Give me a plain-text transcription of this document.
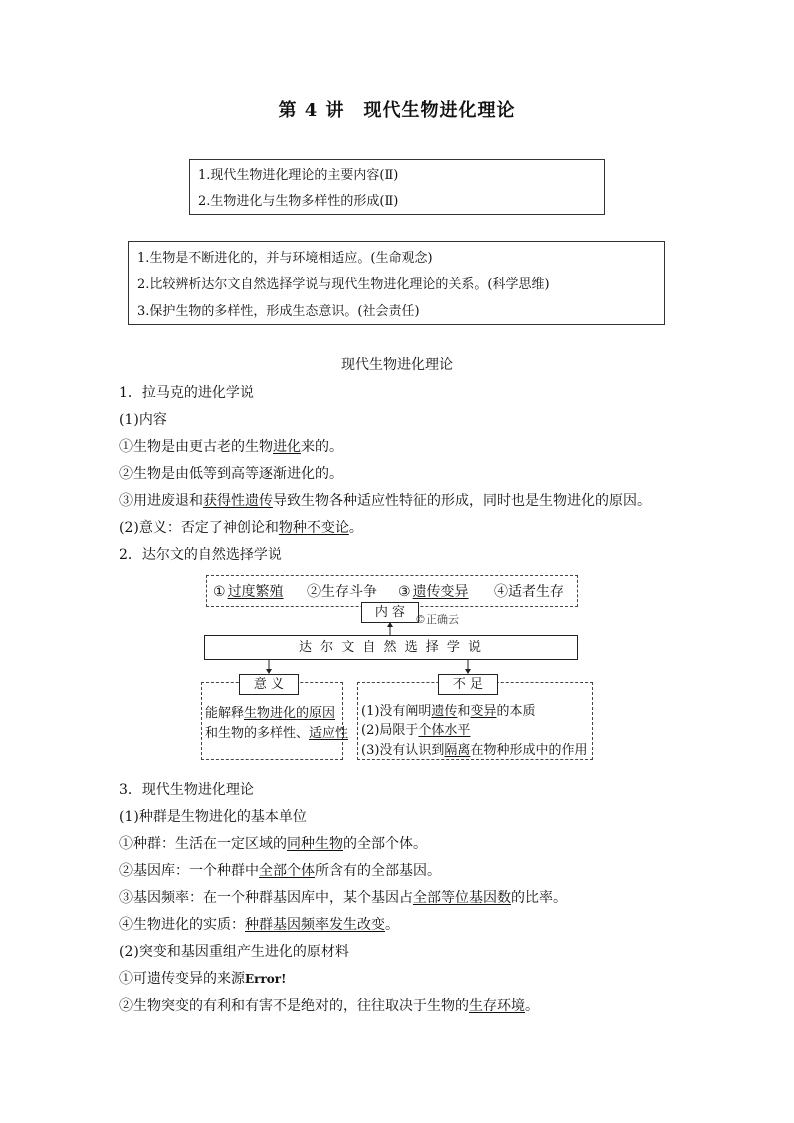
第 4 讲　现代生物进化理论
1.现代生物进化理论的主要内容(Ⅱ)
2.生物进化与生物多样性的形成(Ⅱ)
1.生物是不断进化的，并与环境相适应。(生命观念)
2.比较辨析达尔文自然选择学说与现代生物进化理论的关系。(科学思维)
3.保护生物的多样性，形成生态意识。(社会责任)
现代生物进化理论
1．拉马克的进化学说
(1)内容
①生物是由更古老的生物进化来的。
②生物是由低等到高等逐渐进化的。
③用进废退和获得性遗传导致生物各种适应性特征的形成，同时也是生物进化的原因。
(2)意义：否定了神创论和物种不变论。
2．达尔文的自然选择学说
① 过度繁殖 ②生存斗争 ③ 遗传变异 ④适者生存
内 容 ©正确云
达 尔 文 自 然 选 择 学 说
意 义
能解释生物进化的原因
和生物的多样性、适应性
不 足
(1)没有阐明遗传和变异的本质
(2)局限于个体水平
(3)没有认识到隔离在物种形成中的作用
3．现代生物进化理论
(1)种群是生物进化的基本单位
①种群：生活在一定区域的同种生物的全部个体。
②基因库：一个种群中全部个体所含有的全部基因。
③基因频率：在一个种群基因库中，某个基因占全部等位基因数的比率。
④生物进化的实质：种群基因频率发生改变。
(2)突变和基因重组产生进化的原材料
①可遗传变异的来源Error!
②生物突变的有利和有害不是绝对的，往往取决于生物的生存环境。
